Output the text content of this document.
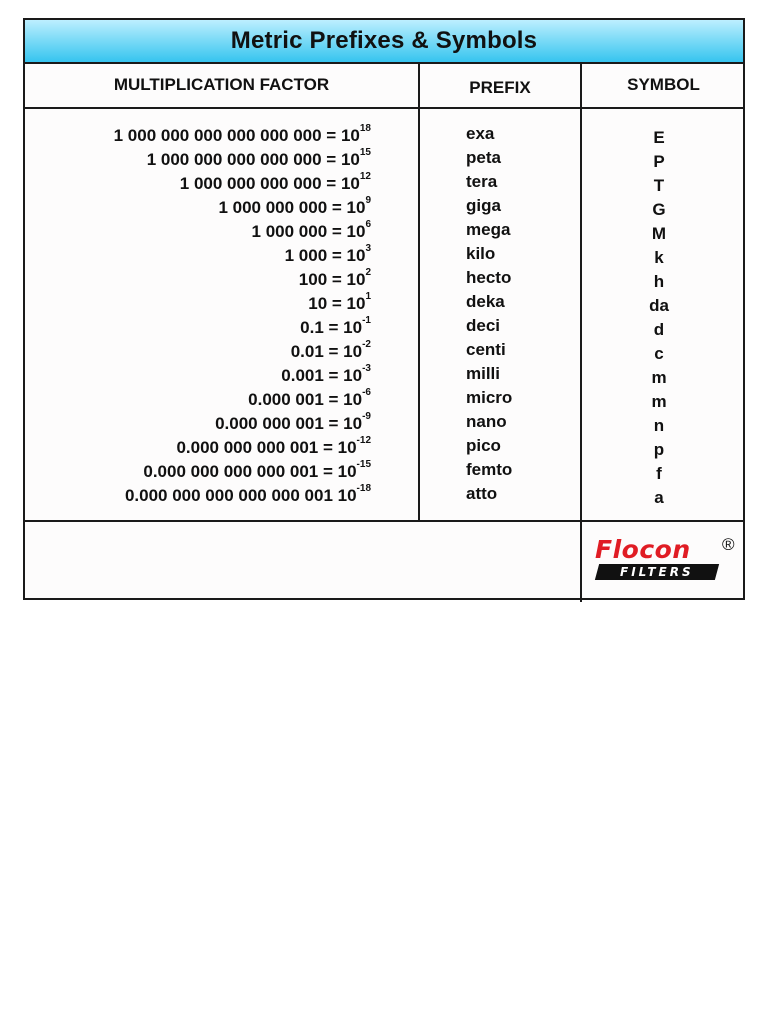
Metric Prefixes & Symbols
MULTIPLICATION FACTOR	PREFIX	SYMBOL
1 000 000 000 000 000 $000 = 10^{18}$
1 000 000 000 000 $000 = 10^{15}$
1 000 000 000 $000 = 10^{12}$
1 000 000 $000 = 10^9$
1 000 $000 = 10^6$
1 $000 = 10^3$
$100 = 10^2$
$10 = 10^1$
$0.1 = 10^{-1}$
$0.01 = 10^{-2}$
$0.001 = 10^{-3}$
0.000 $001 = 10^{-6}$
0.000 000 $001 = 10^{-9}$
0.000 000 000 $001 = 10^{-12}$
0.000 000 000 000 $001 = 10^{-15}$
0.000 000 000 000 000 001 $10^{-18}$
exa
peta
tera
giga
mega
kilo
hecto
deka
deci
centi
milli
micro
nano
pico
femto
atto
E
P
T
G
M
k
h
da
d
c
m
m
n
p
f
a
Flocon ®
FILTERS
